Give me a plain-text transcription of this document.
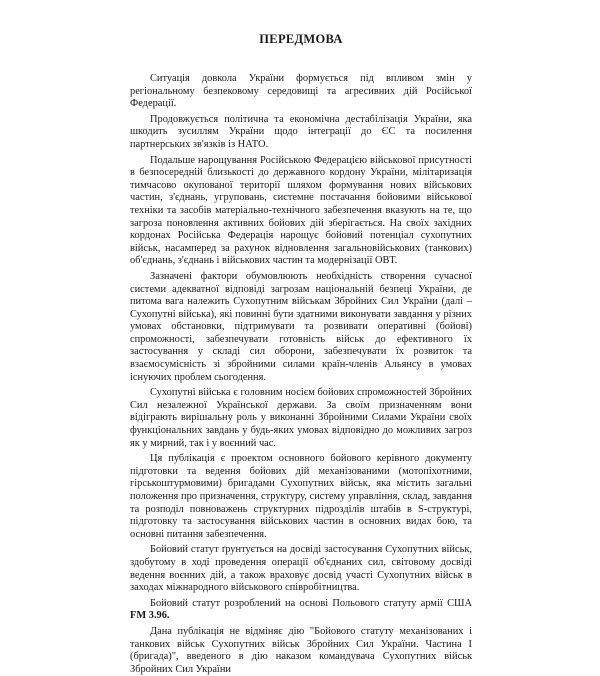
ПЕРЕДМОВА

Ситуація довкола України формується під впливом змін у регіональному безпековому середовищі та агресивних дій Російської Федерації.

Продовжується політична та економічна дестабілізація України, яка шкодить зусиллям України щодо інтеграції до ЄС та посилення партнерських зв'язків із НАТО.

Подальше нарощування Російською Федерацією військової присутності в безпосередній близькості до державного кордону України, мілітаризація тимчасово окупованої території шляхом формування нових військових частин, з'єднань, угруповань, системне постачання бойовими військової техніки та засобів матеріально-технічного забезпечення вказують на те, що загроза поновлення активних бойових дій зберігається. На своїх західних кордонах Російська Федерація нарощує бойовий потенціал сухопутних військ, насамперед за рахунок відновлення загальновійськових (танкових) об'єднань, з'єднань і військових частин та модернізації ОВТ.

Зазначені фактори обумовлюють необхідність створення сучасної системи адекватної відповіді загрозам національній безпеці України, де питома вага належить Сухопутним військам Збройних Сил України (далі – Сухопутні війська), які повинні бути здатними виконувати завдання у різних умовах обстановки, підтримувати та розвивати оперативні (бойові) спроможності, забезпечувати готовність військ до ефективного їх застосування у складі сил оборони, забезпечувати їх розвиток та взаємосумісність зі збройними силами країн-членів Альянсу в умовах існуючих проблем сьогодення.

Сухопутні війська є головним носієм бойових спроможностей Збройних Сил незалежної Української держави. За своїм призначенням вони відіграють вирішальну роль у виконанні Збройними Силами України своїх функціональних завдань у будь-яких умовах відповідно до можливих загроз як у мирний, так і у воєнний час.

Ця публікація є проектом основного бойового керівного документу підготовки та ведення бойових дій механізованими (мотопіхотними, гірськоштурмовими) бригадами Сухопутних військ, яка містить загальні положення про призначення, структуру, систему управління, склад, завдання та розподіл повноважень структурних підрозділів штабів в S-структурі, підготовку та застосування військових частин в основних видах бою, та основні питання забезпечення.

Бойовий статут ґрунтується на досвіді застосування Сухопутних військ, здобутому в ході проведення операції об'єднаних сил, світовому досвіді ведення воєнних дій, а також враховує досвід участі Сухопутних військ в заходах міжнародного військового співробітництва.

Бойовий статут розроблений на основі Польового статуту армії США FM 3.96.

Дана публікація не відміняє дію "Бойового статуту механізованих і танкових військ Сухопутних військ Збройних Сил України. Частина I (бригада)", введеного в дію наказом командувача Сухопутних військ Збройних Сил України
